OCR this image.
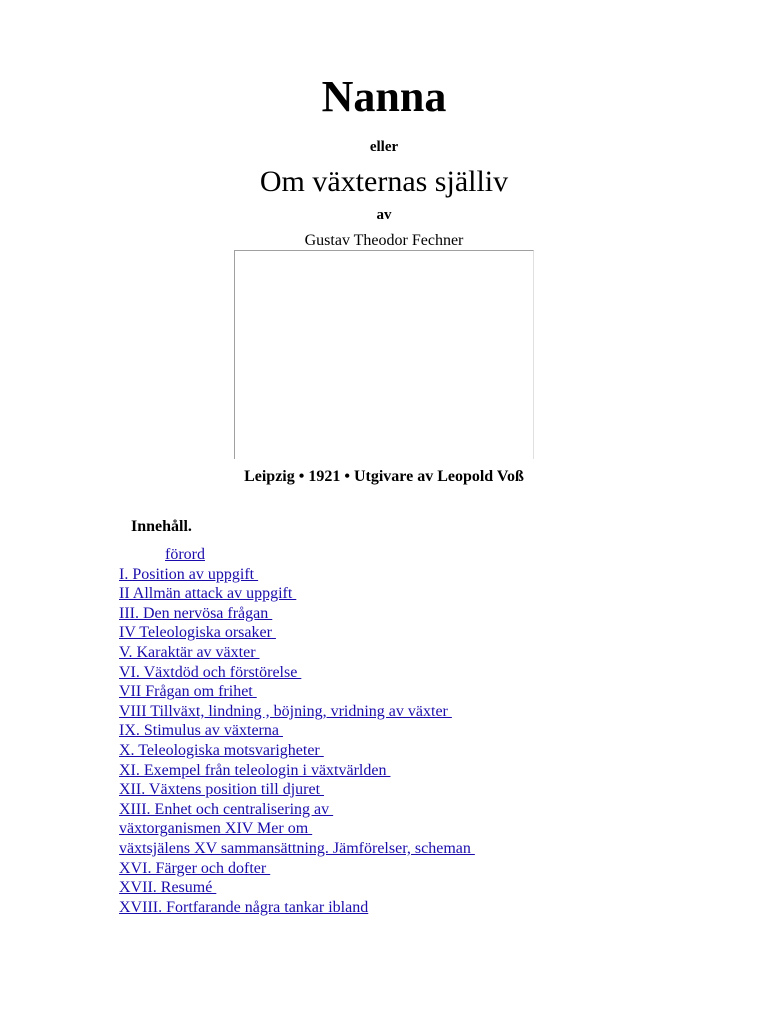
Nanna
eller
Om växternas själliv
av
Gustav Theodor Fechner
Leipzig • 1921 • Utgivare av Leopold Voß
Innehåll.
förord
I. Position av uppgift
II Allmän attack av uppgift
III. Den nervösa frågan
IV Teleologiska orsaker
V. Karaktär av växter
VI. Växtdöd och förstörelse
VII Frågan om frihet
VIII Tillväxt, lindning , böjning, vridning av växter
IX. Stimulus av växterna
X. Teleologiska motsvarigheter
XI. Exempel från teleologin i växtvärlden
XII. Växtens position till djuret
XIII. Enhet och centralisering av
växtorganismen XIV Mer om
växtsjälens XV sammansättning. Jämförelser, scheman
XVI. Färger och dofter
XVII. Resumé
XVIII. Fortfarande några tankar ibland
